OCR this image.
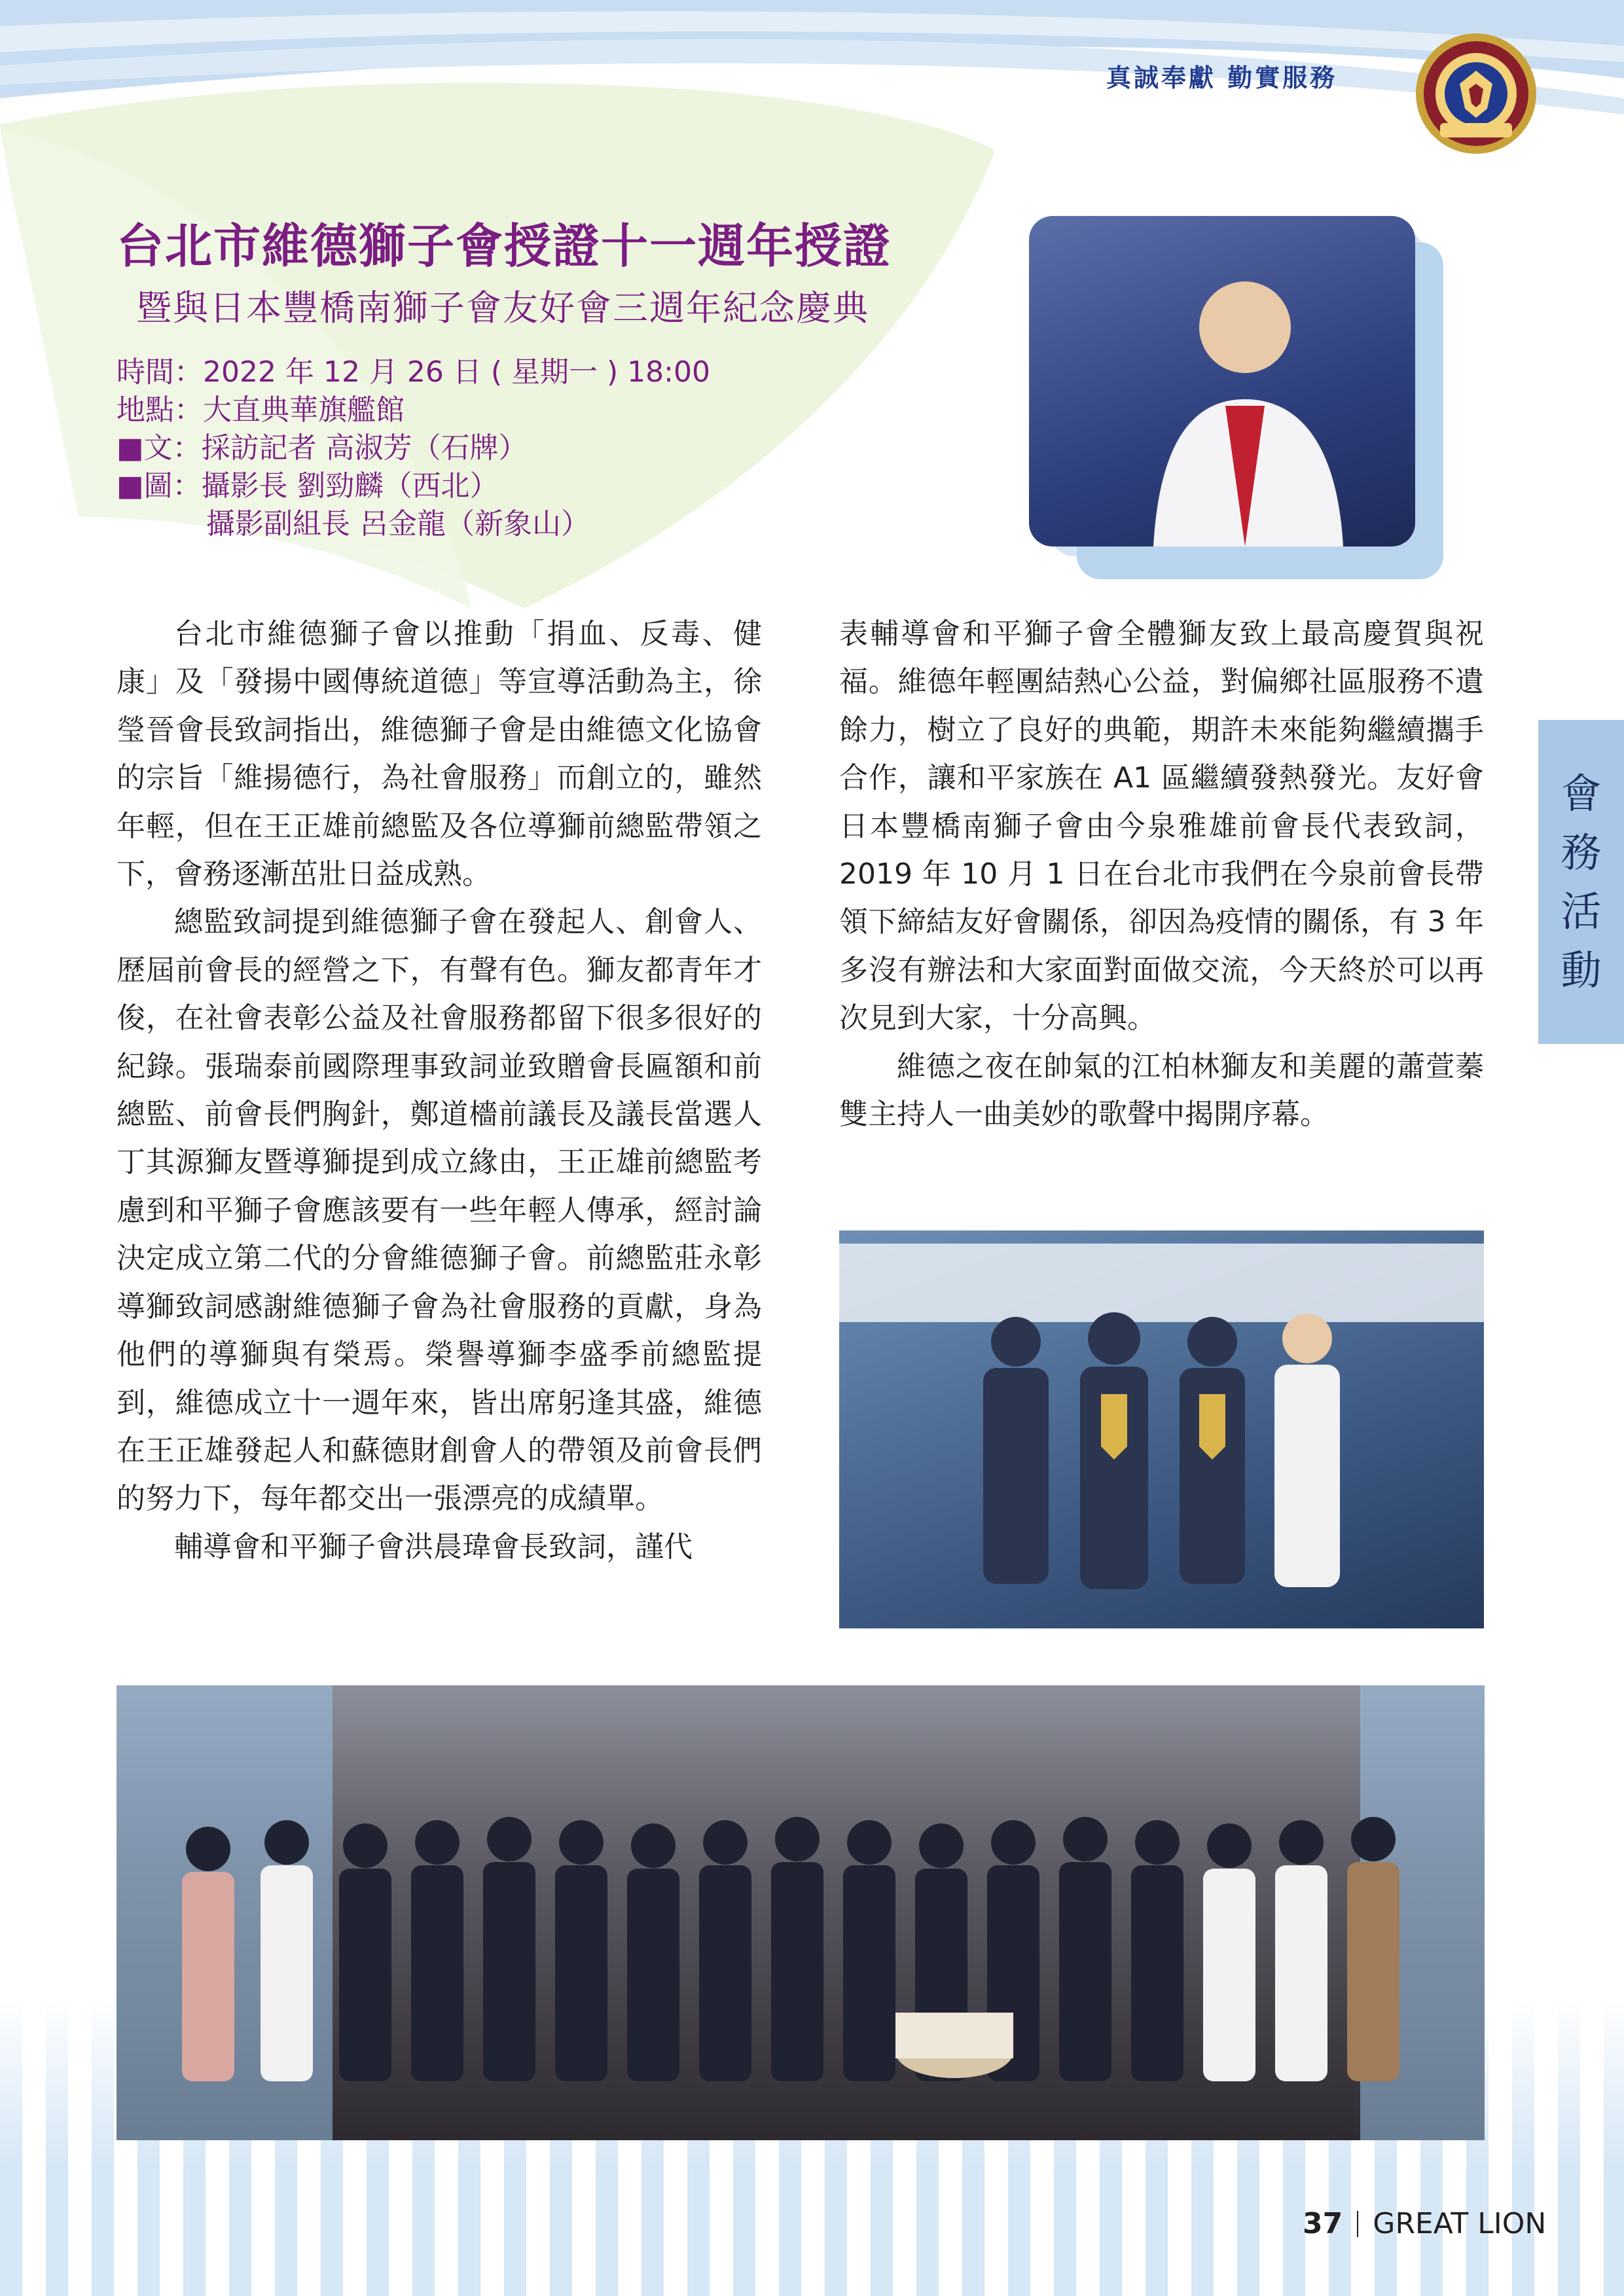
真誠奉獻 勤實服務
台北市維德獅子會授證十一週年授證
暨與日本豐橋南獅子會友好會三週年紀念慶典
時間：2022 年 12 月 26 日 ( 星期一 ) 18:00
地點：大直典華旗艦館
■文：採訪記者 高淑芳（石牌）
■圖：攝影長 劉勁麟（西北）
攝影副組長 呂金龍（新象山）

台北市維德獅子會以推動「捐血、反毒、健康」及「發揚中國傳統道德」等宣導活動為主，徐瑩晉會長致詞指出，維德獅子會是由維德文化協會的宗旨「維揚德行，為社會服務」而創立的，雖然年輕，但在王正雄前總監及各位導獅前總監帶領之下，會務逐漸茁壯日益成熟。

總監致詞提到維德獅子會在發起人、創會人、歷屆前會長的經營之下，有聲有色。獅友都青年才俊，在社會表彰公益及社會服務都留下很多很好的紀錄。張瑞泰前國際理事致詞並致贈會長匾額和前總監、前會長們胸針，鄭道檣前議長及議長當選人丁其源獅友暨導獅提到成立緣由，王正雄前總監考慮到和平獅子會應該要有一些年輕人傳承，經討論決定成立第二代的分會維德獅子會。前總監莊永彰導獅致詞感謝維德獅子會為社會服務的貢獻，身為他們的導獅與有榮焉。榮譽導獅李盛季前總監提到，維德成立十一週年來，皆出席躬逢其盛，維德在王正雄發起人和蘇德財創會人的帶領及前會長們的努力下，每年都交出一張漂亮的成績單。

輔導會和平獅子會洪晨瑋會長致詞，謹代

表輔導會和平獅子會全體獅友致上最高慶賀與祝福。維德年輕團結熱心公益，對偏鄉社區服務不遺餘力，樹立了良好的典範，期許未來能夠繼續攜手合作，讓和平家族在 A1 區繼續發熱發光。友好會日本豐橋南獅子會由今泉雅雄前會長代表致詞，2019 年 10 月 1 日在台北市我們在今泉前會長帶領下締結友好會關係，卻因為疫情的關係，有 3 年多沒有辦法和大家面對面做交流，今天終於可以再次見到大家，十分高興。

維德之夜在帥氣的江柏林獅友和美麗的蕭萱蓁雙主持人一曲美妙的歌聲中揭開序幕。

會
務
活
動
37 GREAT LION
